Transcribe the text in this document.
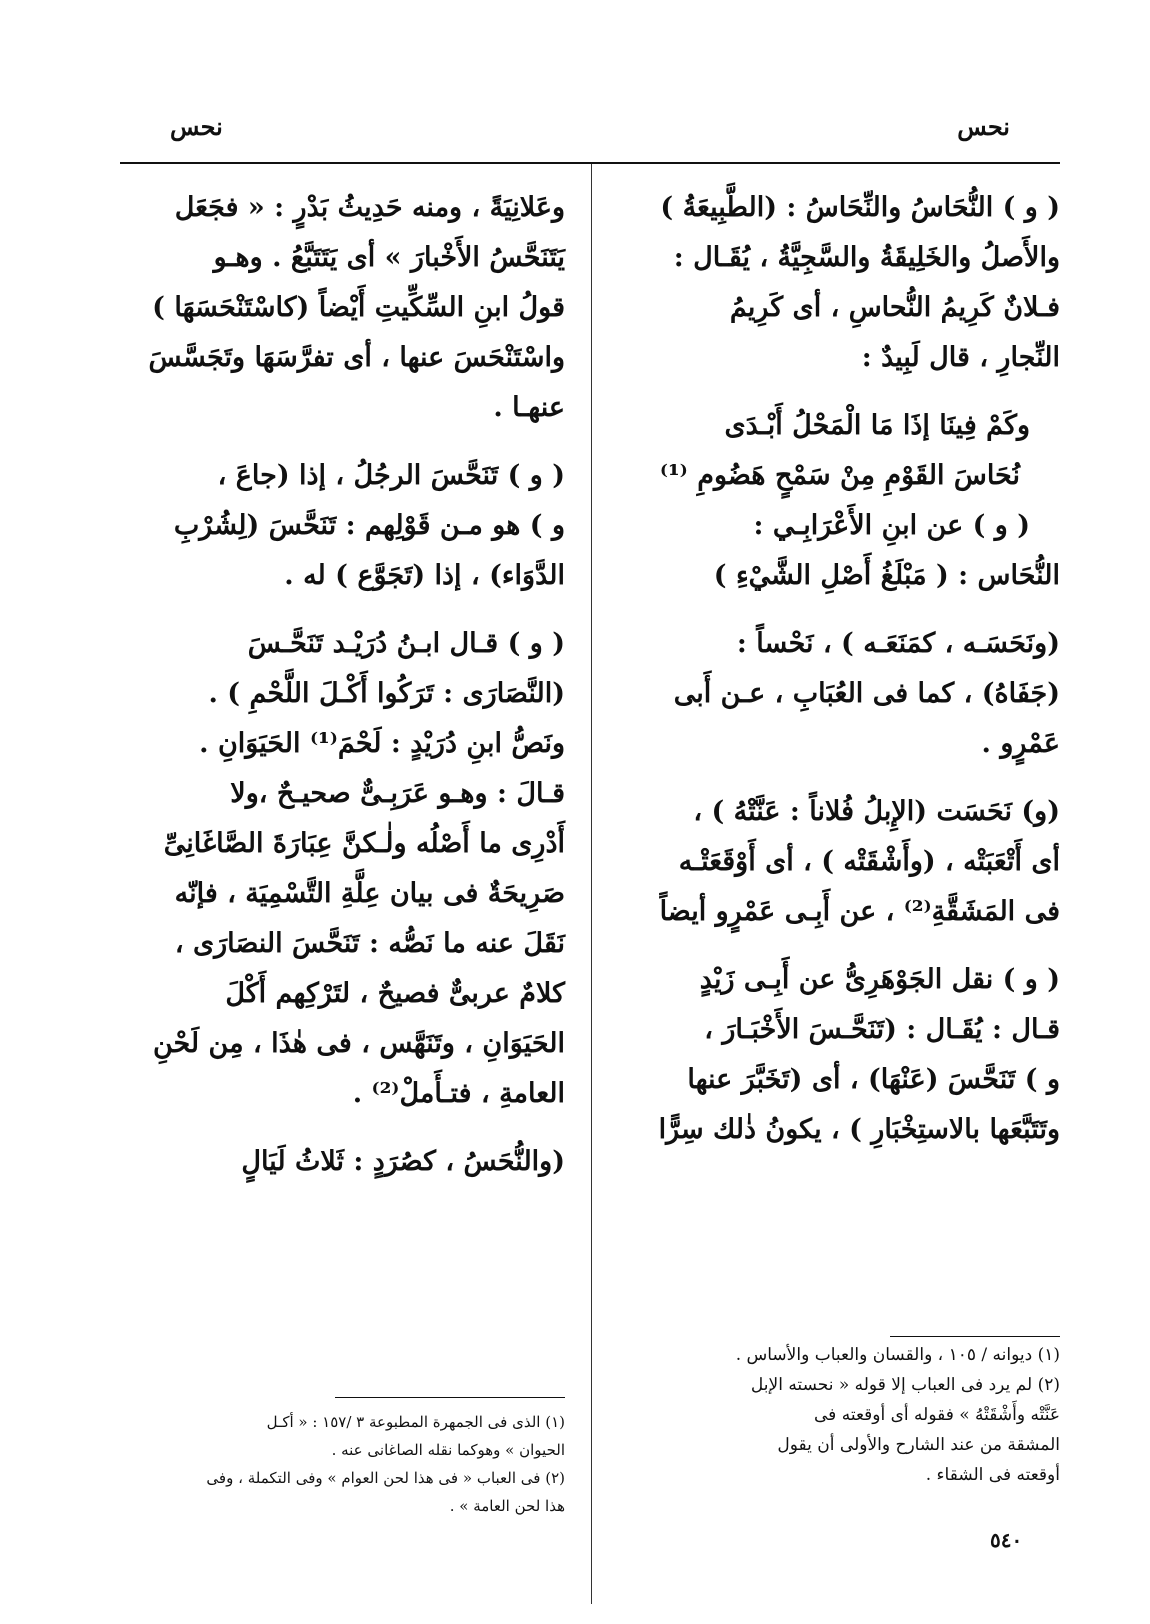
نحس	نحس

( و ) النُّحَاسُ والنِّحَاسُ : (الطَّبِيعَةُ )

والأَصلُ والخَلِيقَةُ والسَّجِيَّةُ ، يُقَـال :

فـلانٌ كَرِيمُ النُّحاسِ ، أى كَرِيمُ

النِّجارِ ، قال لَبِيدٌ :

وكَمْ فِينَا إذَا مَا الْمَحْلُ أَبْـدَى

نُحَاسَ القَوْمِ مِنْ سَمْحٍ هَضُومِ ⁽¹⁾

( و ) عن ابنِ الأَعْرَابِـي :

النُّحَاس : ( مَبْلَغُ أَصْلِ الشَّيْءِ )

(ونَحَسَـه ، كمَنَعَـه ) ، نَحْساً :

(جَفَاهُ) ، كما فى العُبَابِ ، عـن أَبى

عَمْرٍو .

(و) نَحَسَت (الإِبلُ فُلاناً : عَنَّتْهُ ) ،

أى أَتْعَبَتْه ، (وأَشْقَتْه ) ، أى أَوْقَعَتْـه

فى المَشَقَّةِ⁽²⁾ ، عن أَبِـى عَمْرٍو أيضاً

( و ) نقل الجَوْهَرِىُّ عن أَبِـى زَيْدٍ

قـال : يُقَـال : (تَنَحَّـسَ الأَخْبَـارَ ،

و ) تَنَحَّسَ (عَنْهَا) ، أى (تَخَبَّرَ عنها

وتَتَبَّعَها بالاستِخْبَارِ ) ، يكونُ ذٰلك سِرًّا

وعَلانِيَةً ، ومنه حَدِيثُ بَدْرٍ : « فجَعَل

يَتَنَحَّسُ الأَخْبارَ » أى يَتَتَبَّعُ . وهـو

قولُ ابنِ السِّكِّيتِ أَيْضاً (كاسْتَنْحَسَهَا )

واسْتَنْحَسَ عنها ، أى تفرَّسَهَا وتَجَسَّسَ

عنهـا .

( و ) تَنَحَّسَ الرجُلُ ، إذا (جاعَ ،

و ) هو مـن قَوْلِهم : تَنَحَّسَ (لِشُرْبِ

الدَّوَاء) ، إذا (تَجَوَّع ) له .

( و ) قـال ابـنُ دُرَيْـد تَنَحَّـسَ

(النَّصَارَى : تَرَكُوا أَكْـلَ اللَّحْمِ ) .

ونَصُّ ابنِ دُرَيْدٍ : لَحْمَ⁽¹⁾ الحَيَوَانِ .

قـالَ : وهـو عَرَبِـىٌّ صحيـحٌ ،ولا

أَدْرِى ما أَصْلُه ولٰـكنَّ عِبَارَةَ الصَّاغَانِىِّ

صَرِيحَةٌ فى بيان عِلَّةِ التَّسْمِيَة ، فإنّه

نَقَلَ عنه ما نَصُّه : تَنَحَّسَ النصَارَى ،

كلامٌ عربىٌّ فصيحٌ ، لتَرْكِهم أَكْلَ

الحَيَوَانِ ، وتَنَهَّس ، فى هٰذَا ، مِن لَحْنِ

العامةِ ، فتـأَملْ⁽²⁾ .

(والنُّحَسُ ، كصُرَدٍ : ثَلاثُ لَيَالٍ

(١) ديوانه / ١٠٥ ، والقسان والعباب والأساس .

(٢) لم يرد فى العباب إلا قوله « نحسته الإبل

عَنَّتْه وأَشْقَتْهُ » فقوله أى أوقعته فى

المشقة من عند الشارح والأولى أن يقول

أوقعته فى الشقاء .

(١) الذى فى الجمهرة المطبوعة ٣ /١٥٧ : « أكـل

الحيوان » وهوكما نقله الصاغانى عنه .

(٢) فى العباب « فى هذا لحن العوام » وفى التكملة ، وفى

هذا لحن العامة » .

٥٤٠
